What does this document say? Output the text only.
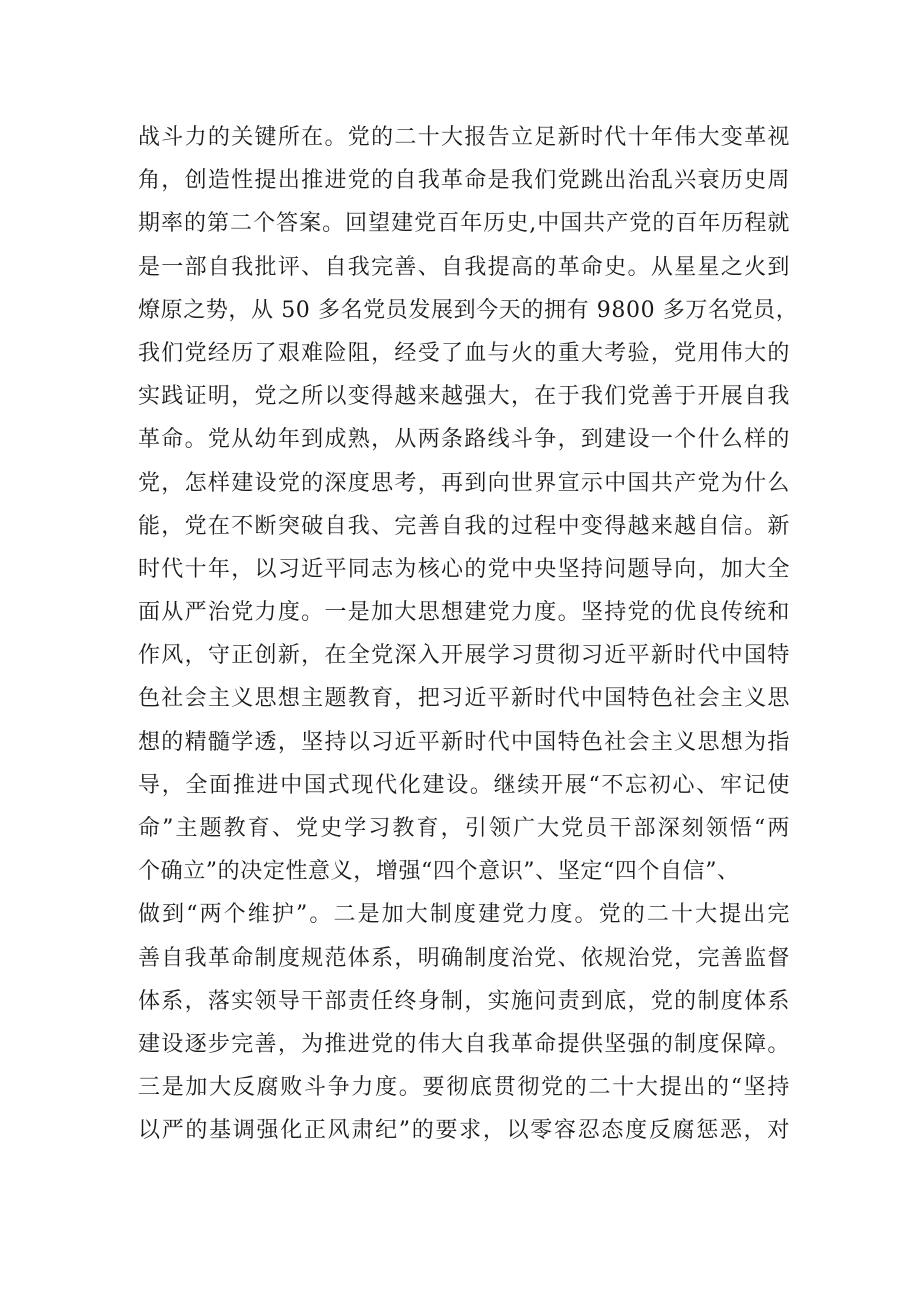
战斗力的关键所在。党的二十大报告立足新时代十年伟大变革视
角，创造性提出推进党的自我革命是我们党跳出治乱兴衰历史周
期率的第二个答案。回望建党百年历史,中国共产党的百年历程就
是一部自我批评、自我完善、自我提高的革命史。从星星之火到
燎原之势，从 50 多名党员发展到今天的拥有 9800 多万名党员，
我们党经历了艰难险阻，经受了血与火的重大考验，党用伟大的
实践证明，党之所以变得越来越强大，在于我们党善于开展自我
革命。党从幼年到成熟，从两条路线斗争，到建设一个什么样的
党，怎样建设党的深度思考，再到向世界宣示中国共产党为什么
能，党在不断突破自我、完善自我的过程中变得越来越自信。新
时代十年，以习近平同志为核心的党中央坚持问题导向，加大全
面从严治党力度。一是加大思想建党力度。坚持党的优良传统和
作风，守正创新，在全党深入开展学习贯彻习近平新时代中国特
色社会主义思想主题教育，把习近平新时代中国特色社会主义思
想的精髓学透，坚持以习近平新时代中国特色社会主义思想为指
导，全面推进中国式现代化建设。继续开展“不忘初心、牢记使
命”主题教育、党史学习教育，引领广大党员干部深刻领悟“两
个确立”的决定性意义，增强“四个意识”、坚定“四个自信”、
做到“两个维护”。二是加大制度建党力度。党的二十大提出完
善自我革命制度规范体系，明确制度治党、依规治党，完善监督
体系，落实领导干部责任终身制，实施问责到底，党的制度体系
建设逐步完善，为推进党的伟大自我革命提供坚强的制度保障。
三是加大反腐败斗争力度。要彻底贯彻党的二十大提出的“坚持
以严的基调强化正风肃纪”的要求，以零容忍态度反腐惩恶，对
